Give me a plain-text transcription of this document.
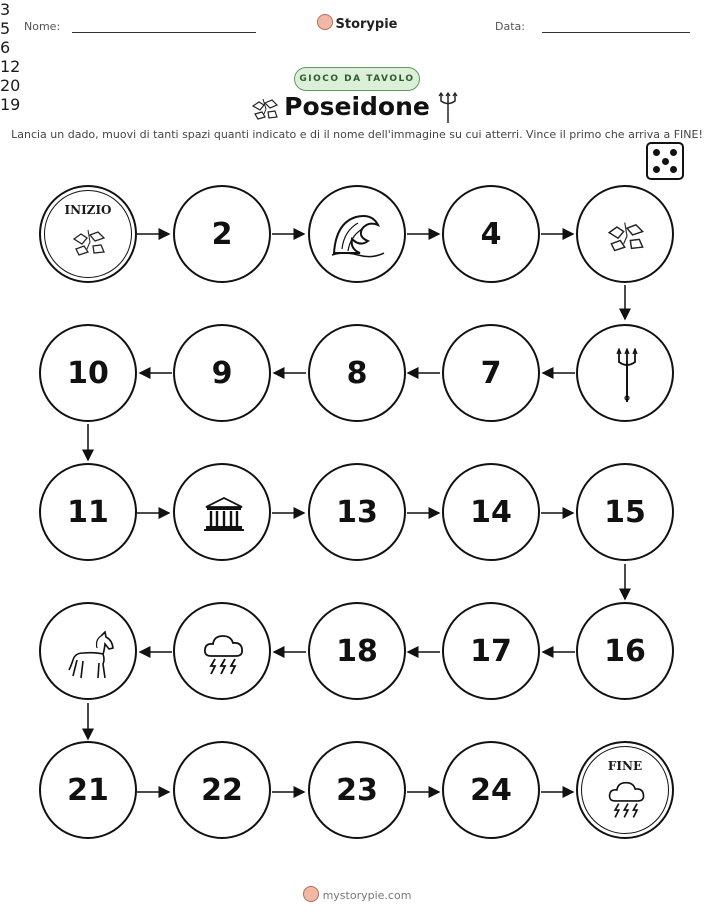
Nome:	Storypie	Data:
GIOCO DA TAVOLO
Poseidone
Lancia un dado, muovi di tanti spazi quanti indicato e di il nome dell'immagine su cui atterri. Vince il primo che arriva a FINE!
INIZIO
2
3
4
5
10	9	8	7
6
11
12
13	14	15
20
19
18	17	16
21	22	23	24
FINE
mystorypie.com
